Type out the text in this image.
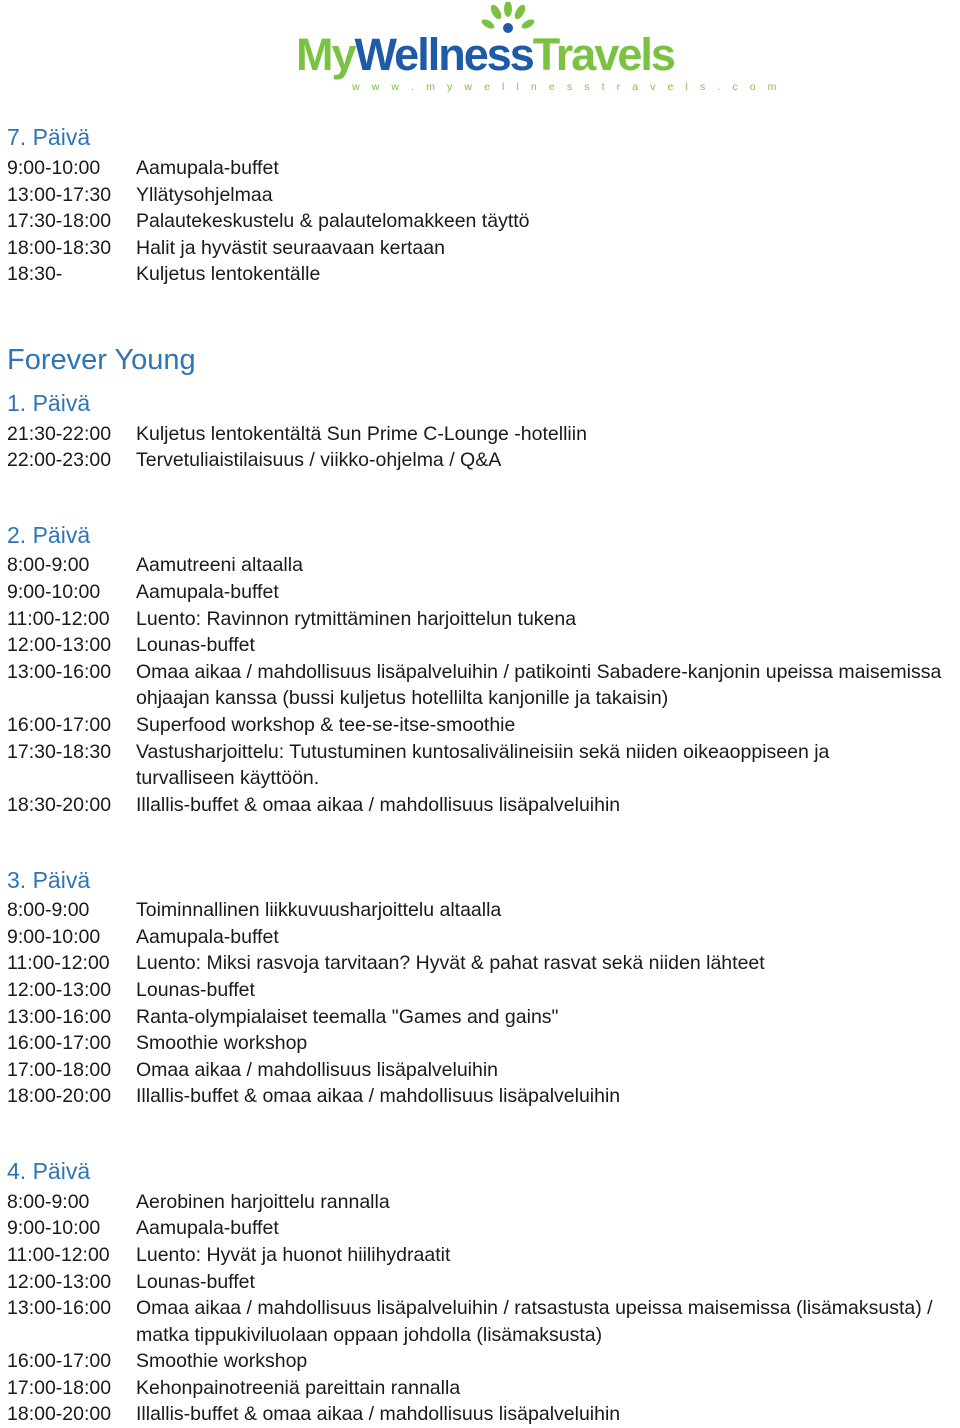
MyWellnessTravels
w w w . m y w e l l n e s s t r a v e l s . c o m
7. Päivä
9:00-10:00 Aamupala-buffet
13:00-17:30 Yllätysohjelmaa
17:30-18:00 Palautekeskustelu & palautelomakkeen täyttö
18:00-18:30 Halit ja hyvästit seuraavaan kertaan
18:30-	Kuljetus lentokentälle
Forever Young
1. Päivä
21:30-22:00 Kuljetus lentokentältä Sun Prime C-Lounge -hotelliin
22:00-23:00 Tervetuliaistilaisuus / viikko-ohjelma / Q&A
2. Päivä
8:00-9:00 Aamutreeni altaalla
9:00-10:00 Aamupala-buffet
11:00-12:00 Luento: Ravinnon rytmittäminen harjoittelun tukena
12:00-13:00 Lounas-buffet
13:00-16:00 Omaa aikaa / mahdollisuus lisäpalveluihin / patikointi Sabadere-kanjonin upeissa maisemissa
ohjaajan kanssa (bussi kuljetus hotellilta kanjonille ja takaisin)
16:00-17:00 Superfood workshop & tee-se-itse-smoothie
17:30-18:30 Vastusharjoittelu: Tutustuminen kuntosalivälineisiin sekä niiden oikeaoppiseen ja
turvalliseen käyttöön.
18:30-20:00 Illallis-buffet & omaa aikaa / mahdollisuus lisäpalveluihin
3. Päivä
8:00-9:00 Toiminnallinen liikkuvuusharjoittelu altaalla
9:00-10:00 Aamupala-buffet
11:00-12:00 Luento: Miksi rasvoja tarvitaan? Hyvät & pahat rasvat sekä niiden lähteet
12:00-13:00 Lounas-buffet
13:00-16:00 Ranta-olympialaiset teemalla "Games and gains"
16:00-17:00 Smoothie workshop
17:00-18:00 Omaa aikaa / mahdollisuus lisäpalveluihin
18:00-20:00 Illallis-buffet & omaa aikaa / mahdollisuus lisäpalveluihin
4. Päivä
8:00-9:00 Aerobinen harjoittelu rannalla
9:00-10:00 Aamupala-buffet
11:00-12:00 Luento: Hyvät ja huonot hiilihydraatit
12:00-13:00 Lounas-buffet
13:00-16:00 Omaa aikaa / mahdollisuus lisäpalveluihin / ratsastusta upeissa maisemissa (lisämaksusta) /
matka tippukiviluolaan oppaan johdolla (lisämaksusta)
16:00-17:00 Smoothie workshop
17:00-18:00 Kehonpainotreeniä pareittain rannalla
18:00-20:00 Illallis-buffet & omaa aikaa / mahdollisuus lisäpalveluihin
